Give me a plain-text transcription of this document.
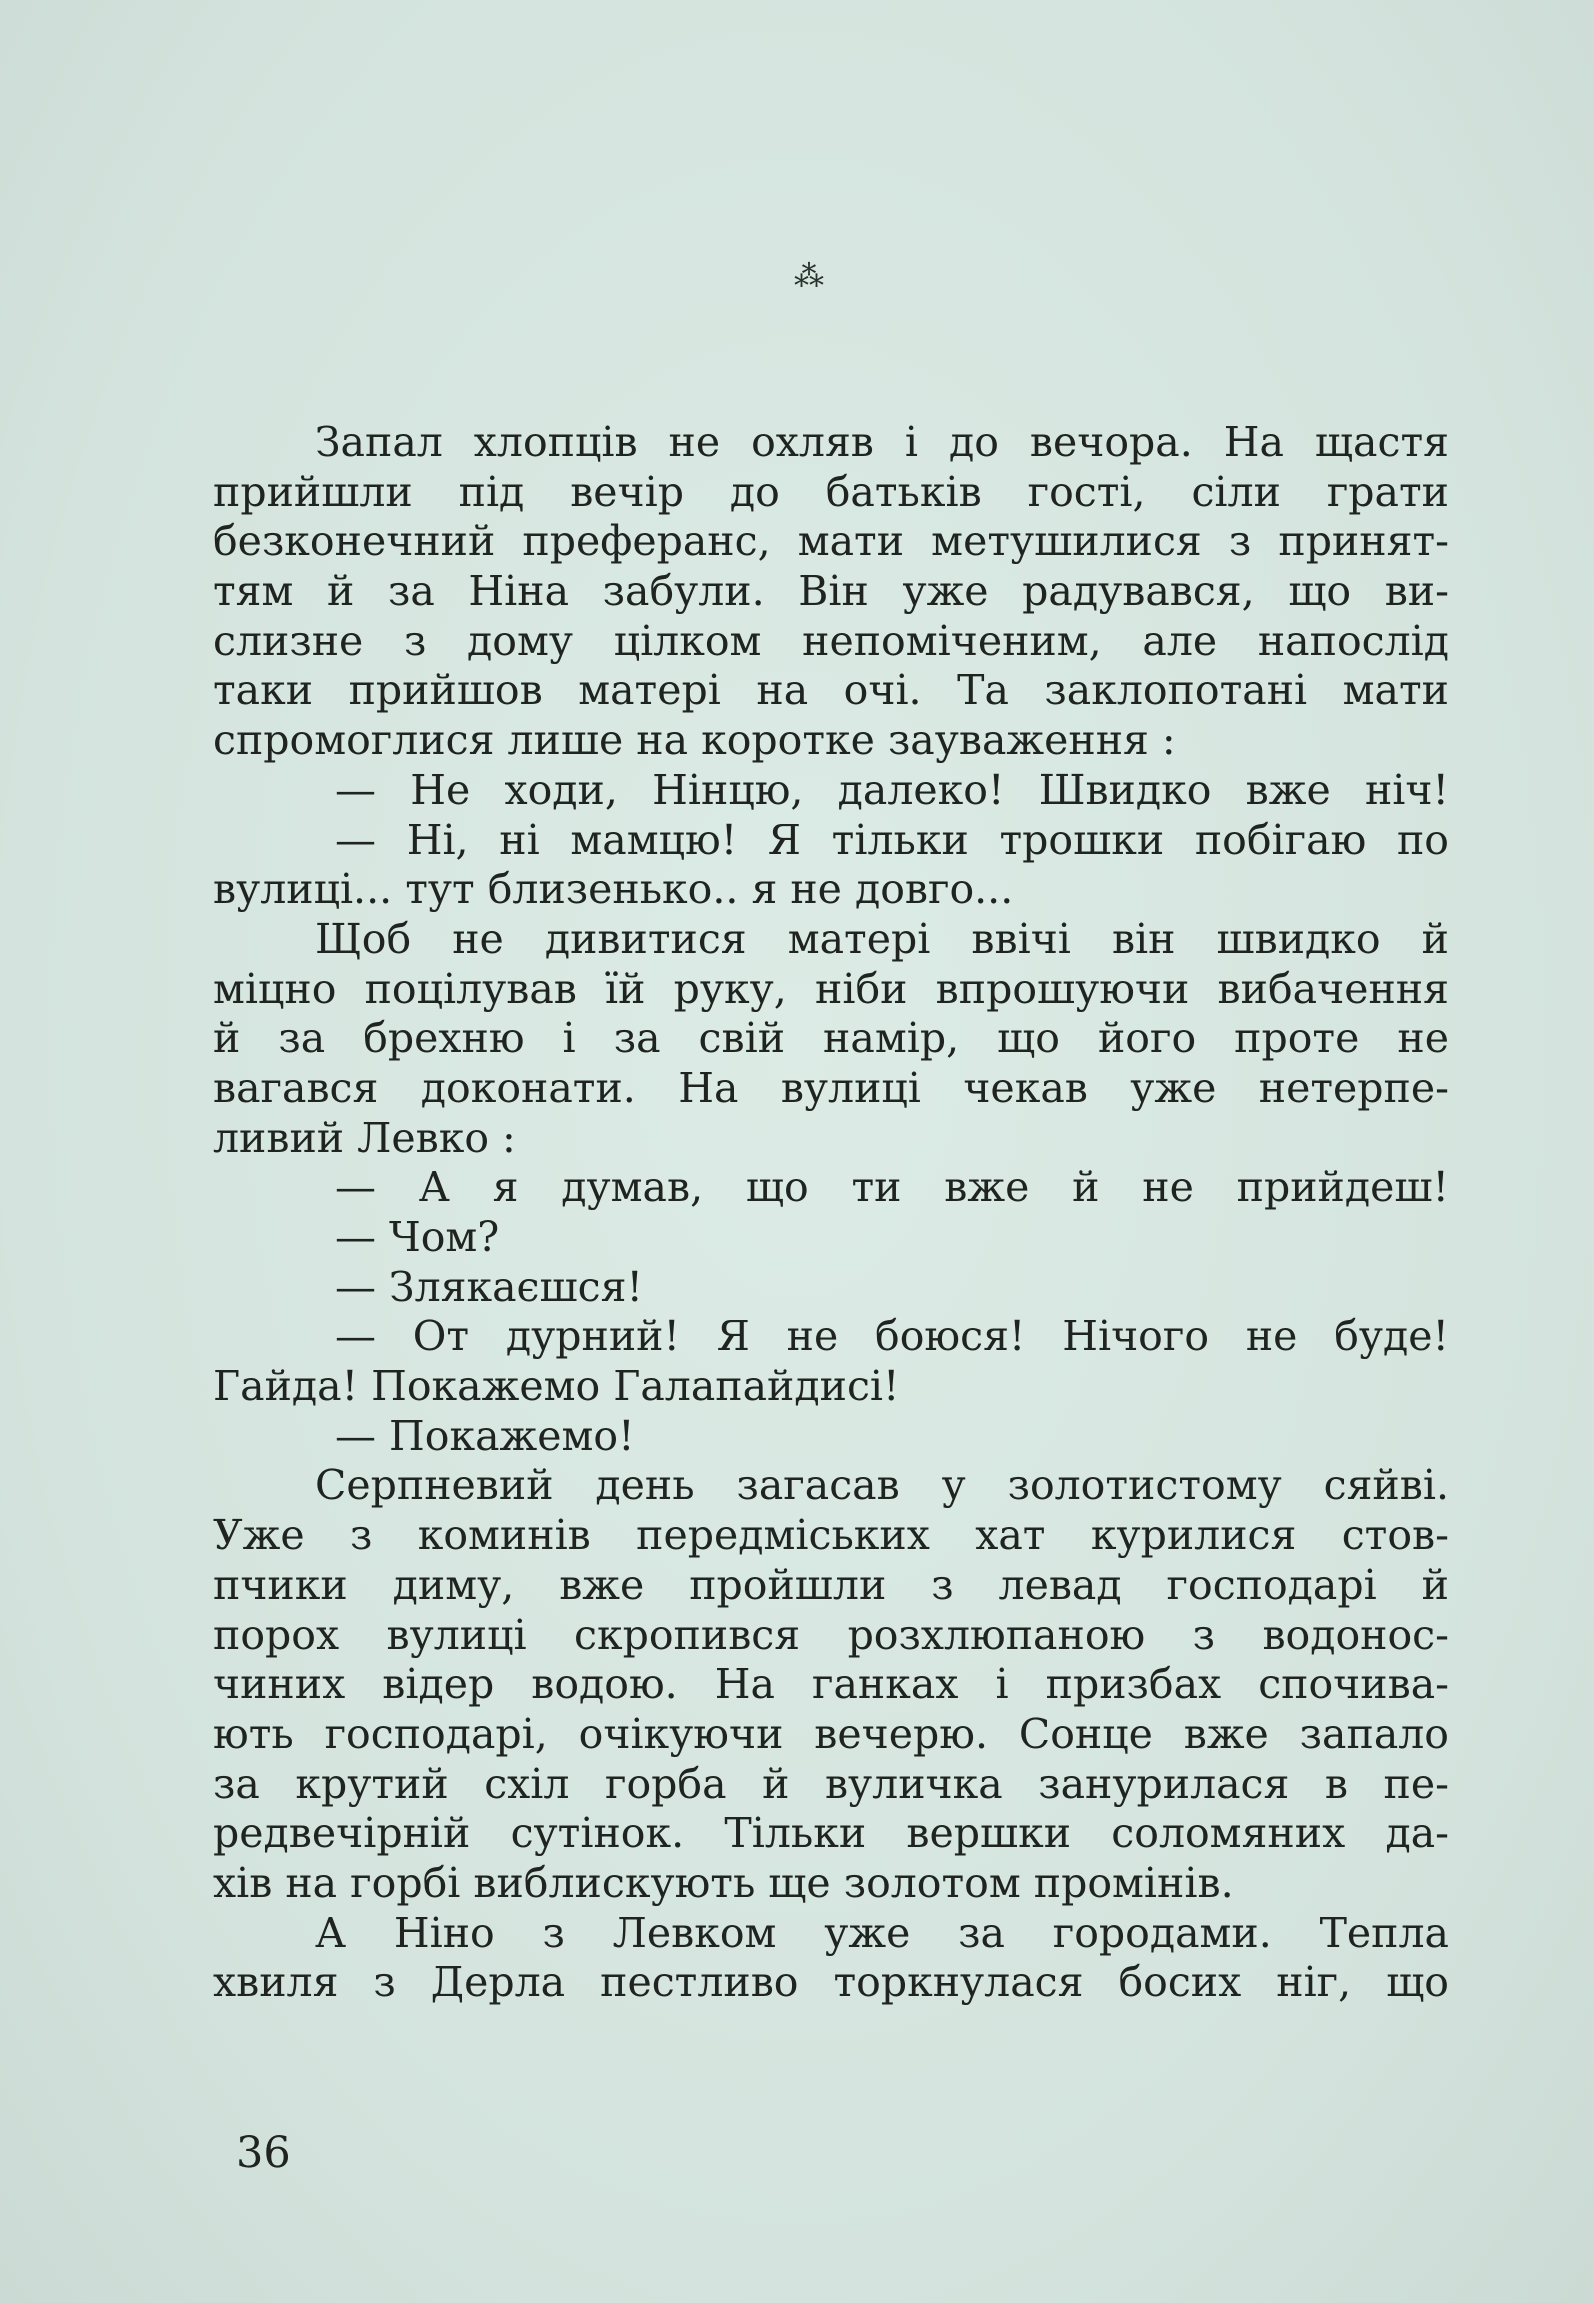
⁂
Запал хлопців не охляв і до вечора. На щастя
прийшли під вечір до батьків гості, сіли грати
безконечний преферанс, мати метушилися з принят-
тям й за Ніна забули. Він уже радувався, що ви-
слизне з дому цілком непоміченим, але напослід
таки прийшов матері на очі. Та заклопотані мати
спромоглися лише на коротке зауваження :
— Не ходи, Нінцю, далеко! Швидко вже ніч!
— Ні, ні мамцю! Я тільки трошки побігаю по
вулиці... тут близенько.. я не довго...
Щоб не дивитися матері ввічі він швидко й
міцно поцілував їй руку, ніби впрошуючи вибачення
й за брехню і за свій намір, що його проте не
вагався доконати. На вулиці чекав уже нетерпе-
ливий Левко :
— А я думав, що ти вже й не прийдеш!
— Чом?
— Злякаєшся!
— От дурний! Я не боюся! Нічого не буде!
Гайда! Покажемо Галапайдисі!
— Покажемо!
Серпневий день загасав у золотистому сяйві.
Уже з коминів передміських хат курилися стов-
пчики диму, вже пройшли з левад господарі й
порох вулиці скропився розхлюпаною з водонос-
чиних відер водою. На ганках і призбах спочива-
ють господарі, очікуючи вечерю. Сонце вже запало
за крутий схіл горба й вуличка занурилася в пе-
редвечірній сутінок. Тільки вершки соломяних да-
хів на горбі виблискують ще золотом промінів.
А Ніно з Левком уже за городами. Тепла
хвиля з Дерла пестливо торкнулася босих ніг, що
36
